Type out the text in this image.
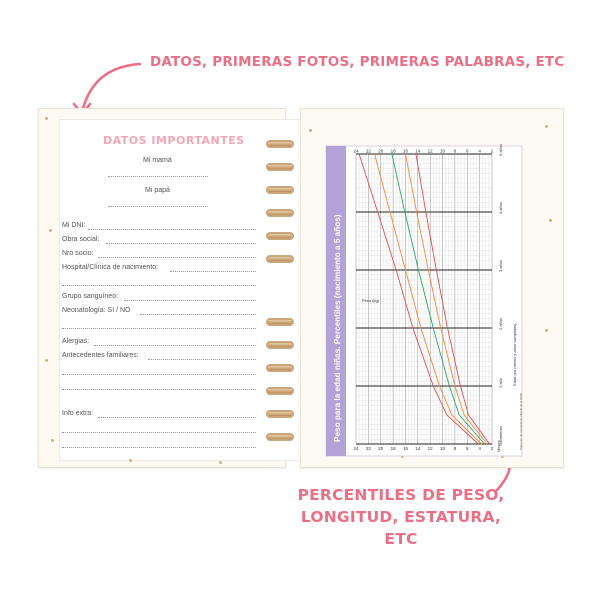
DATOS, PRIMERAS FOTOS, PRIMERAS PALABRAS, ETC
PERCENTILES DE PESO,
LONGITUD, ESTATURA, ETC
DATOS IMPORTANTES
Mi mamá
Mi papá
Mi DNI:
Obra social:
Nro socio:
Hospital/Clínica de nacimiento:
Grupo sanguíneo:
Neonatología: SI / NO
Alergias:
Antecedentes familiares:
Info extra:	Peso para la edad niñas. Percentiles (nacimiento a 5 años)
2
2
4
4
6
6
8
8
10
10
12
12
14
14
16
16
18
18
20
20
22
22
24
24
Nacimiento
1 año
2 años
3 años
4 años
5 años
Peso (kg)
Edad (en meses y años cumplidos)
Meses	Patrones de crecimiento infantil de la OMS
